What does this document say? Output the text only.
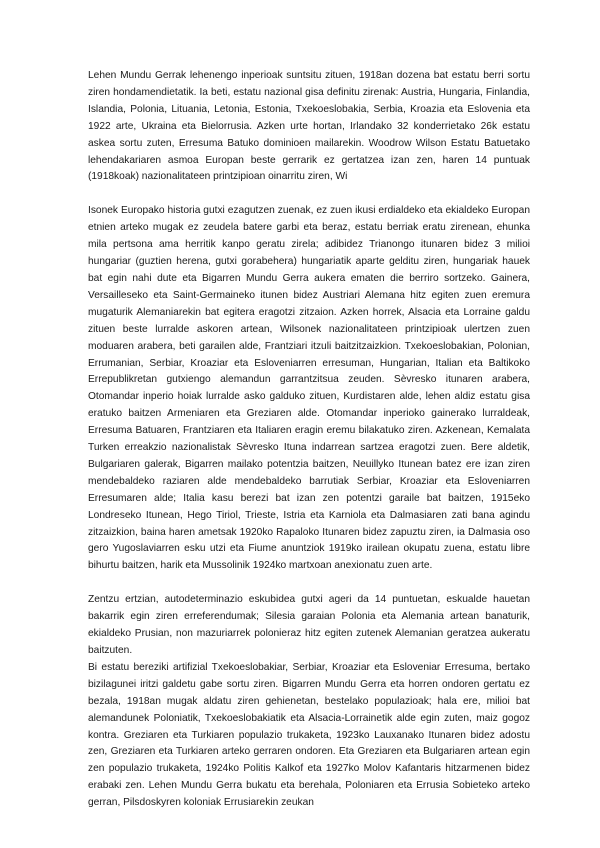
Lehen Mundu Gerrak lehenengo inperioak suntsitu zituen, 1918an dozena bat estatu berri sortu ziren hondamendietatik. Ia beti, estatu nazional gisa definitu zirenak: Austria, Hungaria, Finlandia, Islandia, Polonia, Lituania, Letonia, Estonia, Txekoeslobakia, Serbia, Kroazia eta Eslovenia eta 1922 arte, Ukraina eta Bielorrusia. Azken urte hortan, Irlandako 32 konderrietako 26k estatu askea sortu zuten, Erresuma Batuko dominioen mailarekin. Woodrow Wilson Estatu Batuetako lehendakariaren asmoa Europan beste gerrarik ez gertatzea izan zen, haren 14 puntuak (1918koak) nazionalitateen printzipioan oinarritu ziren, Wi

Isonek Europako historia gutxi ezagutzen zuenak, ez zuen ikusi erdialdeko eta ekialdeko Europan etnien arteko mugak ez zeudela batere garbi eta beraz, estatu berriak eratu zirenean, ehunka mila pertsona ama herritik kanpo geratu zirela; adibidez Trianongo itunaren bidez 3 milioi hungariar (guztien herena, gutxi gorabehera) hungariatik aparte gelditu ziren, hungariak hauek bat egin nahi dute eta Bigarren Mundu Gerra aukera ematen die berriro sortzeko. Gainera, Versailleseko eta Saint-Germaineko itunen bidez Austriari Alemana hitz egiten zuen eremura mugaturik Alemaniarekin bat egitera eragotzi zitzaion. Azken horrek, Alsacia eta Lorraine galdu zituen beste lurralde askoren artean, Wilsonek nazionalitateen printzipioak ulertzen zuen moduaren arabera, beti garailen alde, Frantziari itzuli baitzitzaizkion. Txekoeslobakian, Polonian, Errumanian, Serbiar, Kroaziar eta Esloveniarren erresuman, Hungarian, Italian eta Baltikoko Errepublikretan gutxiengo alemandun garrantzitsua zeuden. Sèvresko itunaren arabera, Otomandar inperio hoiak lurralde asko galduko zituen, Kurdistaren alde, lehen aldiz estatu gisa eratuko baitzen Armeniaren eta Greziaren alde. Otomandar inperioko gainerako lurraldeak, Erresuma Batuaren, Frantziaren eta Italiaren eragin eremu bilakatuko ziren. Azkenean, Kemalata Turken erreakzio nazionalistak Sèvresko Ituna indarrean sartzea eragotzi zuen. Bere aldetik, Bulgariaren galerak, Bigarren mailako potentzia baitzen, Neuillyko Itunean batez ere izan ziren mendebaldeko raziaren alde mendebaldeko barrutiak Serbiar, Kroaziar eta Esloveniarren Erresumaren alde; Italia kasu berezi bat izan zen potentzi garaile bat baitzen, 1915eko Londreseko Itunean, Hego Tiriol, Trieste, Istria eta Karniola eta Dalmasiaren zati bana agindu zitzaizkion, baina haren ametsak 1920ko Rapaloko Itunaren bidez zapuztu ziren, ia Dalmasia oso gero Yugoslaviarren esku utzi eta Fiume anuntziok 1919ko irailean okupatu zuena, estatu libre bihurtu baitzen, harik eta Mussolinik 1924ko martxoan anexionatu zuen arte.

Zentzu ertzian, autodeterminazio eskubidea gutxi ageri da 14 puntuetan, eskualde hauetan bakarrik egin ziren erreferendumak; Silesia garaian Polonia eta Alemania artean banaturik, ekialdeko Prusian, non mazuriarrek polonieraz hitz egiten zutenek Alemanian geratzea aukeratu baitzuten.

Bi estatu bereziki artifizial Txekoeslobakiar, Serbiar, Kroaziar eta Esloveniar Erresuma, bertako bizilagunei iritzi galdetu gabe sortu ziren. Bigarren Mundu Gerra eta horren ondoren gertatu ez bezala, 1918an mugak aldatu ziren gehienetan, bestelako populazioak; hala ere, milioi bat alemandunek Poloniatik, Txekoeslobakiatik eta Alsacia-Lorrainetik alde egin zuten, maiz gogoz kontra. Greziaren eta Turkiaren populazio trukaketa, 1923ko Lauxanako Itunaren bidez adostu zen, Greziaren eta Turkiaren arteko gerraren ondoren. Eta Greziaren eta Bulgariaren artean egin zen populazio trukaketa, 1924ko Politis Kalkof eta 1927ko Molov Kafantaris hitzarmenen bidez erabaki zen. Lehen Mundu Gerra bukatu eta berehala, Poloniaren eta Errusia Sobieteko arteko gerran, Pilsdoskyren koloniak Errusiarekin zeukan
